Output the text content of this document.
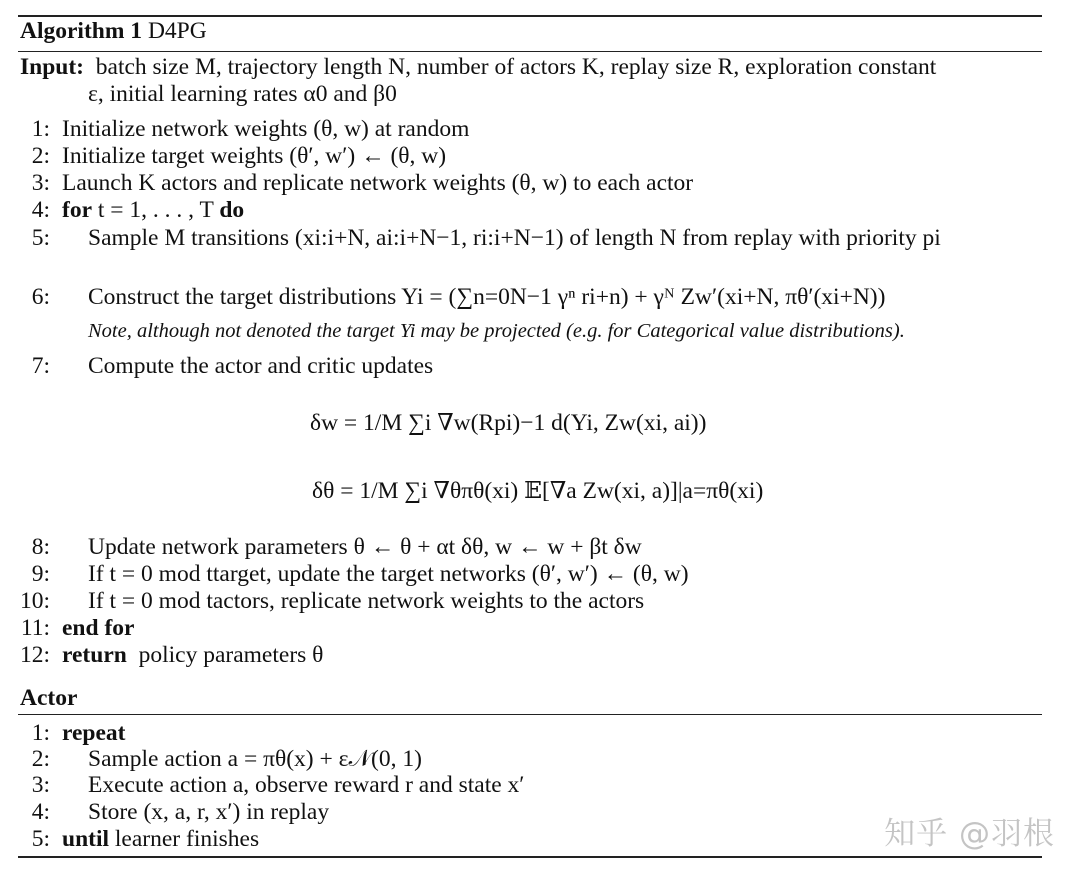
Algorithm 1 D4PG
Input: batch size M, trajectory length N, number of actors K, replay size R, exploration constant
ε, initial learning rates α0 and β0
1: Initialize network weights (θ, w) at random
2: Initialize target weights (θ′, w′) ← (θ, w)
3: Launch K actors and replicate network weights (θ, w) to each actor
4: for t = 1, . . . , T do
5: Sample M transitions (xi:i+N, ai:i+N−1, ri:i+N−1) of length N from replay with priority pi
6: Construct the target distributions Yi = (∑n=0N−1 γⁿ ri+n) + γᴺ Zw′(xi+N, πθ′(xi+N))
Note, although not denoted the target Yi may be projected (e.g. for Categorical value distributions).
7: Compute the actor and critic updates
δw = 1/M ∑i ∇w(Rpi)−1 d(Yi, Zw(xi, ai))
δθ = 1/M ∑i ∇θπθ(xi) 𝔼[∇a Zw(xi, a)]|a=πθ(xi)
8: Update network parameters θ ← θ + αt δθ, w ← w + βt δw
9: If t = 0 mod ttarget, update the target networks (θ′, w′) ← (θ, w)
10: If t = 0 mod tactors, replicate network weights to the actors
11: end for
12: return policy parameters θ
Actor
1: repeat
2: Sample action a = πθ(x) + ε𝒩(0, 1)
3: Execute action a, observe reward r and state x′
4: Store (x, a, r, x′) in replay
5: until learner finishes	知乎 @羽根
